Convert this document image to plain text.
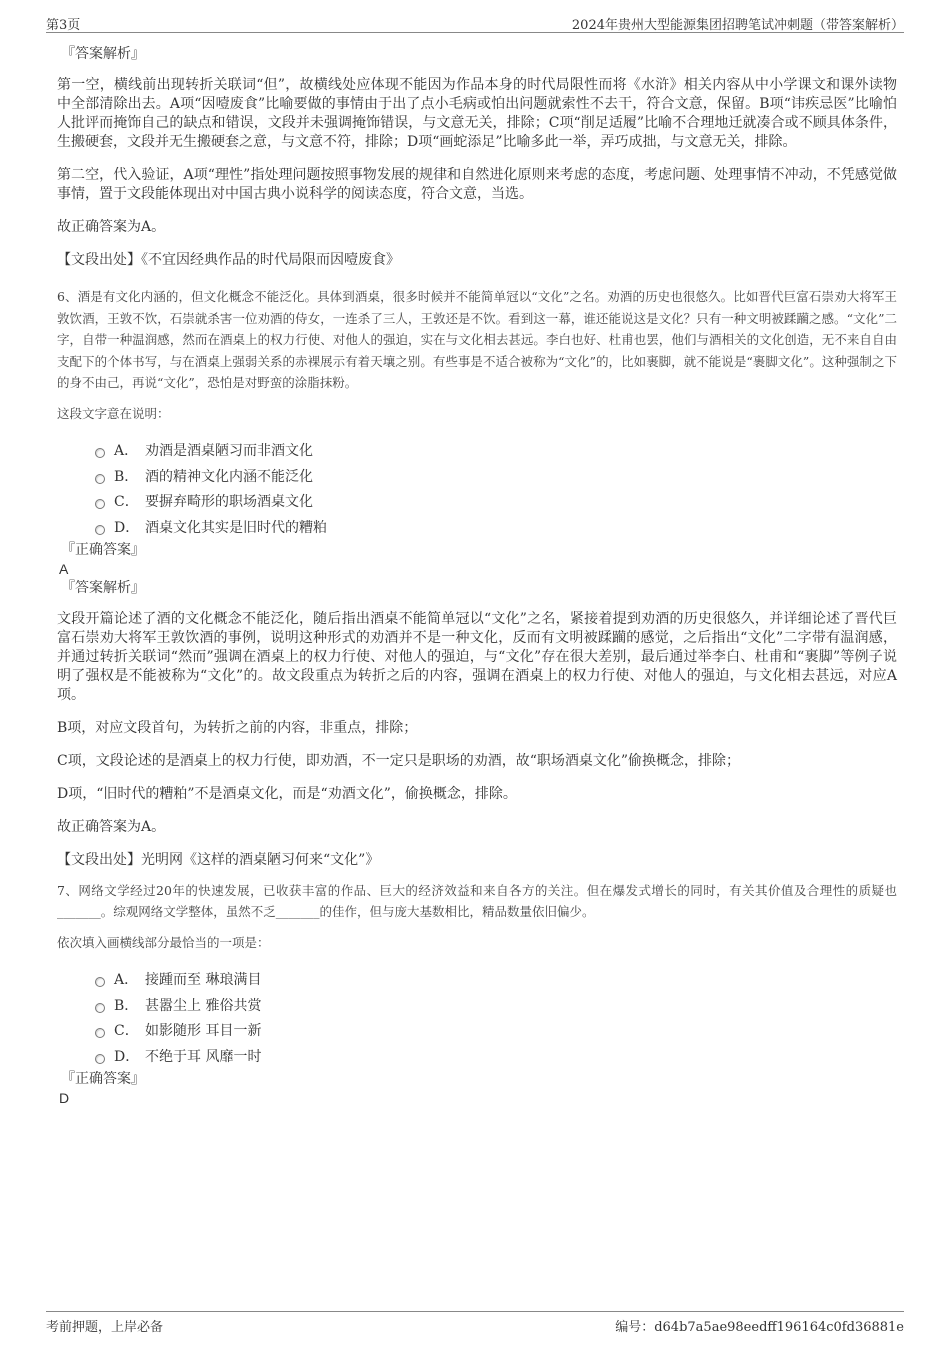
第3页	2024年贵州大型能源集团招聘笔试冲刺题（带答案解析）

『答案解析』

第一空，横线前出现转折关联词“但”，故横线处应体现不能因为作品本身的时代局限性而将《水浒》相关内容从中小学课文和课外读物中全部清除出去。A项“因噎废食”比喻要做的事情由于出了点小毛病或怕出问题就索性不去干，符合文意，保留。B项“讳疾忌医”比喻怕人批评而掩饰自己的缺点和错误，文段并未强调掩饰错误，与文意无关，排除；C项“削足适履”比喻不合理地迁就凑合或不顾具体条件，生搬硬套，文段并无生搬硬套之意，与文意不符，排除；D项“画蛇添足”比喻多此一举，弄巧成拙，与文意无关，排除。

第二空，代入验证，A项“理性”指处理问题按照事物发展的规律和自然进化原则来考虑的态度，考虑问题、处理事情不冲动，不凭感觉做事情，置于文段能体现出对中国古典小说科学的阅读态度，符合文意，当选。

故正确答案为A。

【文段出处】《不宜因经典作品的时代局限而因噎废食》

6、酒是有文化内涵的，但文化概念不能泛化。具体到酒桌，很多时候并不能简单冠以“文化”之名。劝酒的历史也很悠久。比如晋代巨富石崇劝大将军王敦饮酒，王敦不饮，石崇就杀害一位劝酒的侍女，一连杀了三人，王敦还是不饮。看到这一幕，谁还能说这是文化？只有一种文明被蹂躏之感。“文化”二字，自带一种温润感，然而在酒桌上的权力行使、对他人的强迫，实在与文化相去甚远。李白也好、杜甫也罢，他们与酒相关的文化创造，无不来自自由支配下的个体书写，与在酒桌上强弱关系的赤裸展示有着天壤之别。有些事是不适合被称为“文化”的，比如裹脚，就不能说是“裹脚文化”。这种强制之下的身不由己，再说“文化”，恐怕是对野蛮的涂脂抹粉。

这段文字意在说明：

A． 劝酒是酒桌陋习而非酒文化
B． 酒的精神文化内涵不能泛化
C． 要摒弃畸形的职场酒桌文化
D． 酒桌文化其实是旧时代的糟粕

『正确答案』

A

『答案解析』

文段开篇论述了酒的文化概念不能泛化，随后指出酒桌不能简单冠以“文化”之名，紧接着提到劝酒的历史很悠久，并详细论述了晋代巨富石崇劝大将军王敦饮酒的事例，说明这种形式的劝酒并不是一种文化，反而有文明被蹂躏的感觉，之后指出“文化”二字带有温润感，并通过转折关联词“然而”强调在酒桌上的权力行使、对他人的强迫，与“文化”存在很大差别，最后通过举李白、杜甫和“裹脚”等例子说明了强权是不能被称为“文化”的。故文段重点为转折之后的内容，强调在酒桌上的权力行使、对他人的强迫，与文化相去甚远，对应A项。

B项，对应文段首句，为转折之前的内容，非重点，排除；

C项，文段论述的是酒桌上的权力行使，即劝酒，不一定只是职场的劝酒，故“职场酒桌文化”偷换概念，排除；

D项，“旧时代的糟粕”不是酒桌文化，而是“劝酒文化”，偷换概念，排除。

故正确答案为A。

【文段出处】光明网《这样的酒桌陋习何来“文化”》

7、网络文学经过20年的快速发展，已收获丰富的作品、巨大的经济效益和来自各方的关注。但在爆发式增长的同时，有关其价值及合理性的质疑也_______。综观网络文学整体，虽然不乏_______的佳作，但与庞大基数相比，精品数量依旧偏少。

依次填入画横线部分最恰当的一项是：

A． 接踵而至 琳琅满目
B． 甚嚣尘上 雅俗共赏
C． 如影随形 耳目一新
D． 不绝于耳 风靡一时

『正确答案』

D

考前押题，上岸必备	编号：d64b7a5ae98eedff196164c0fd36881e
